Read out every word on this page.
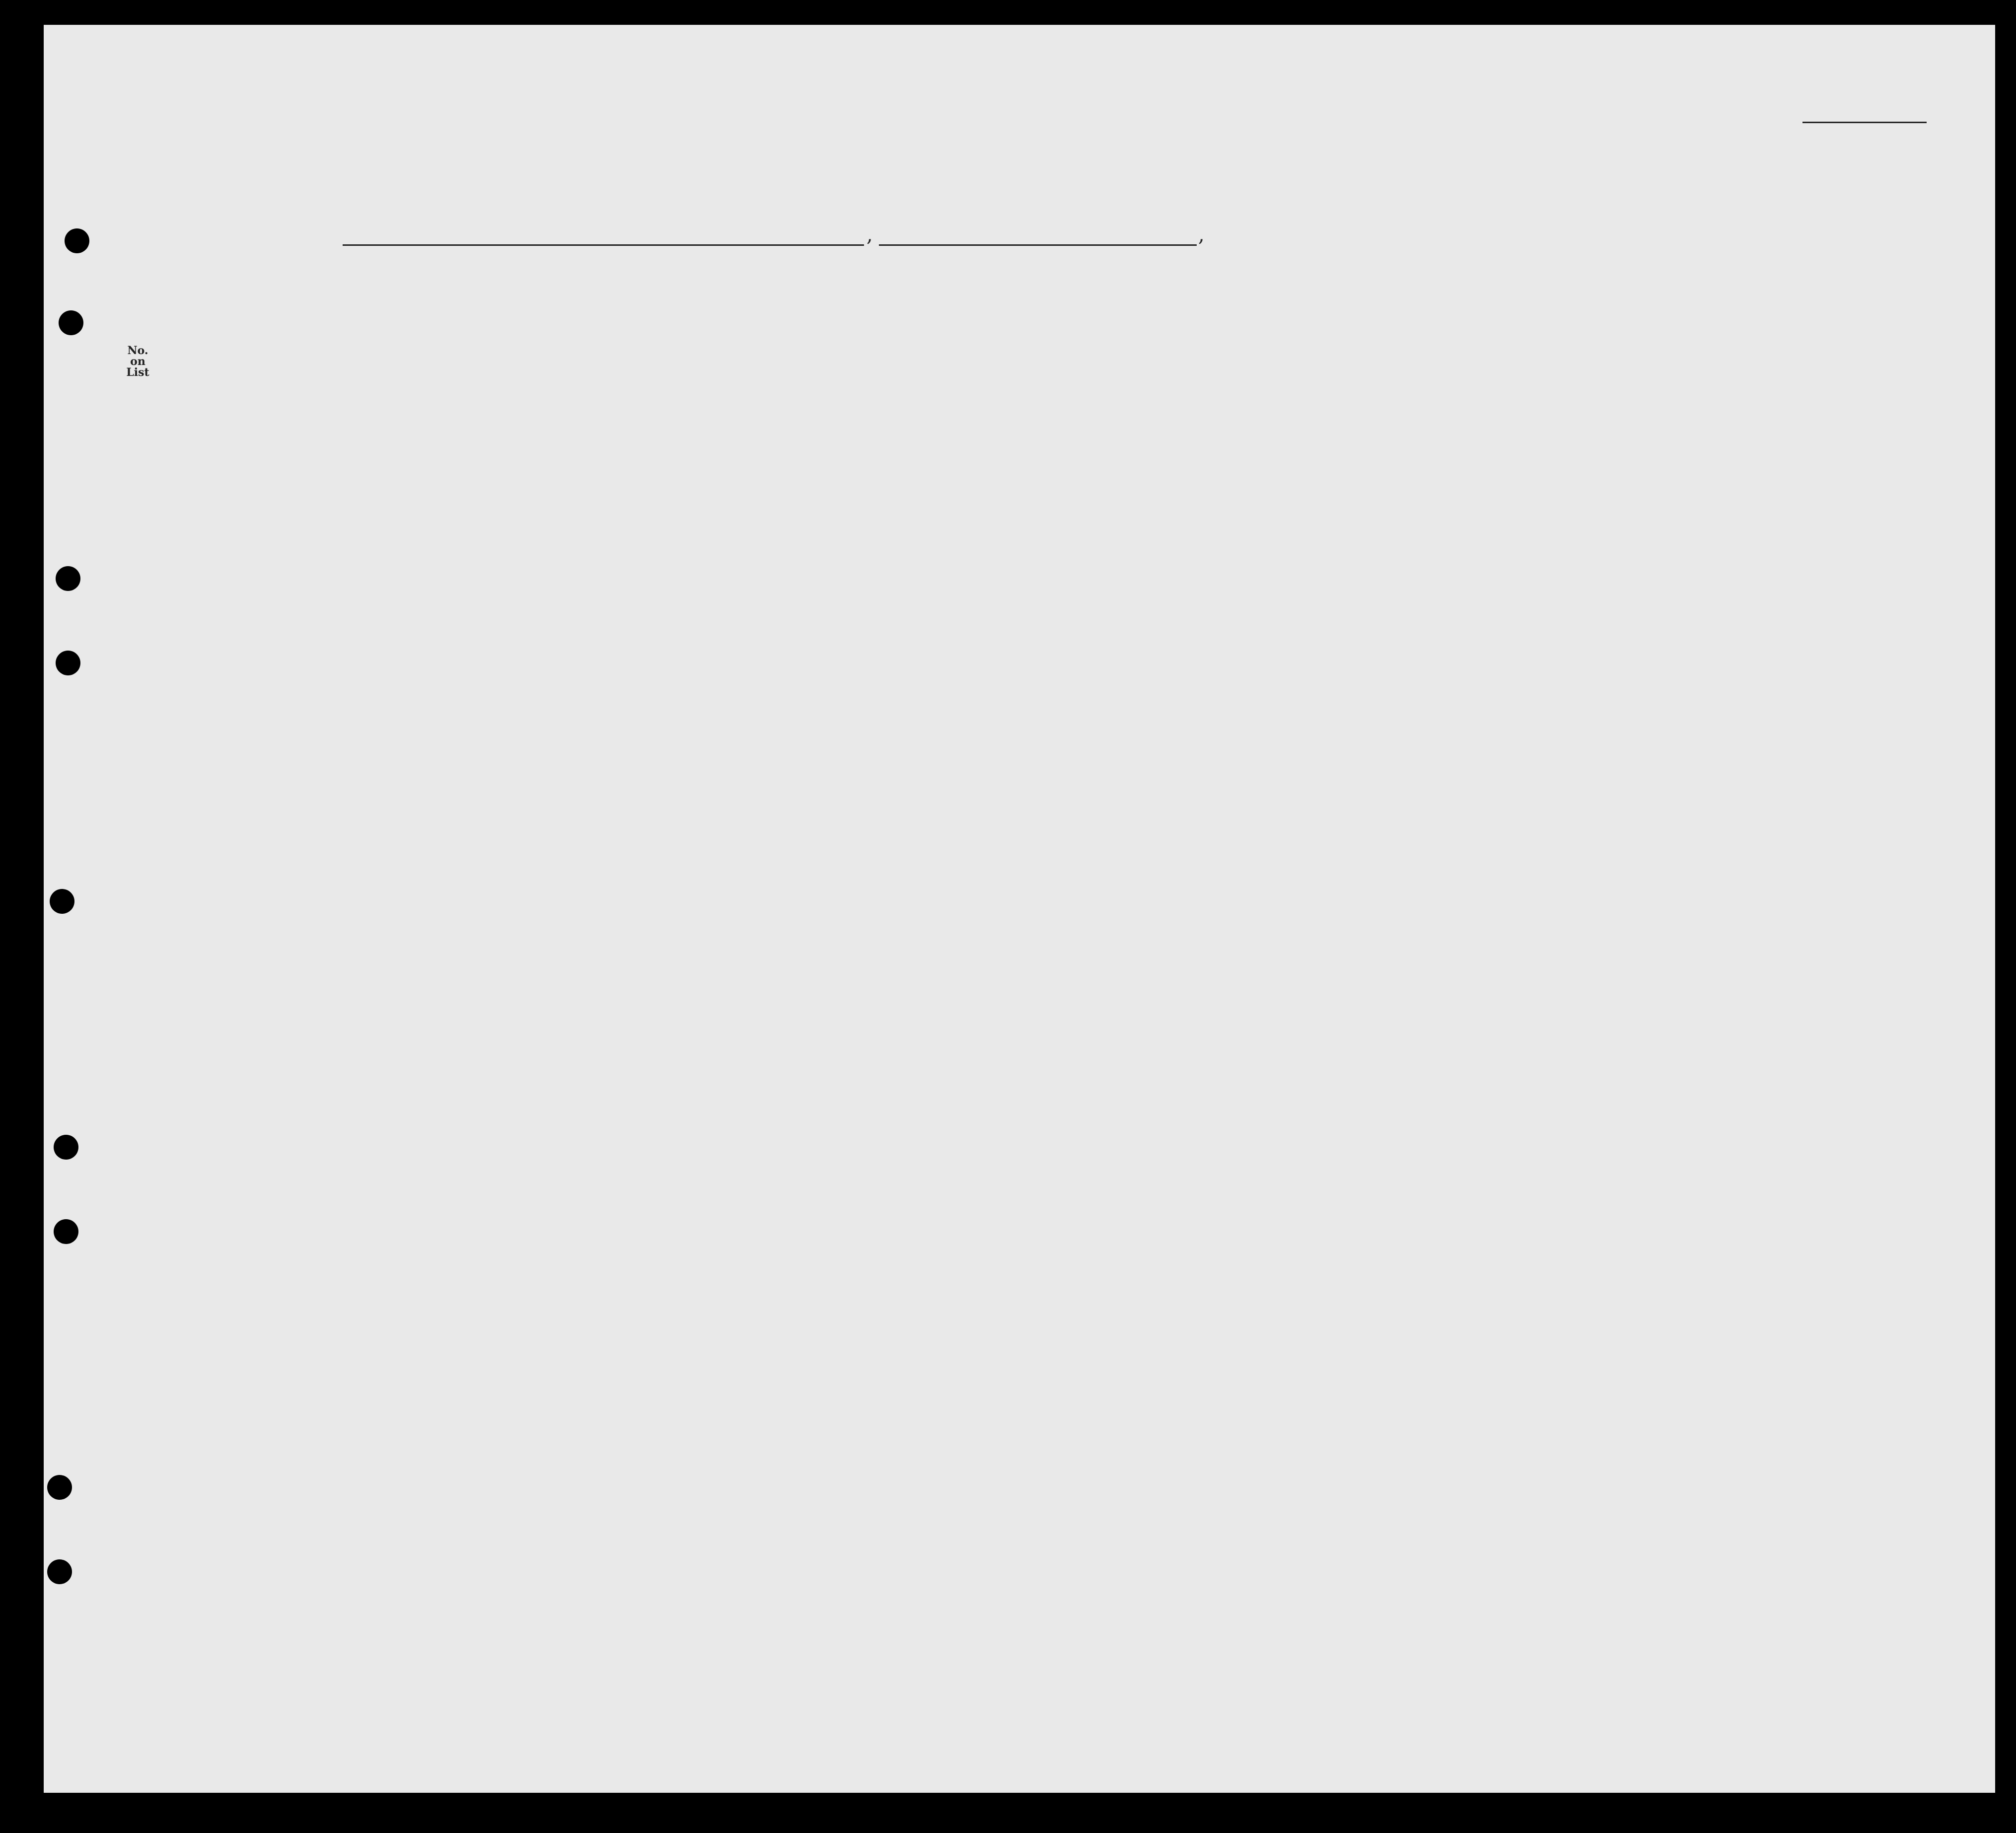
,	,
No.
on
List
